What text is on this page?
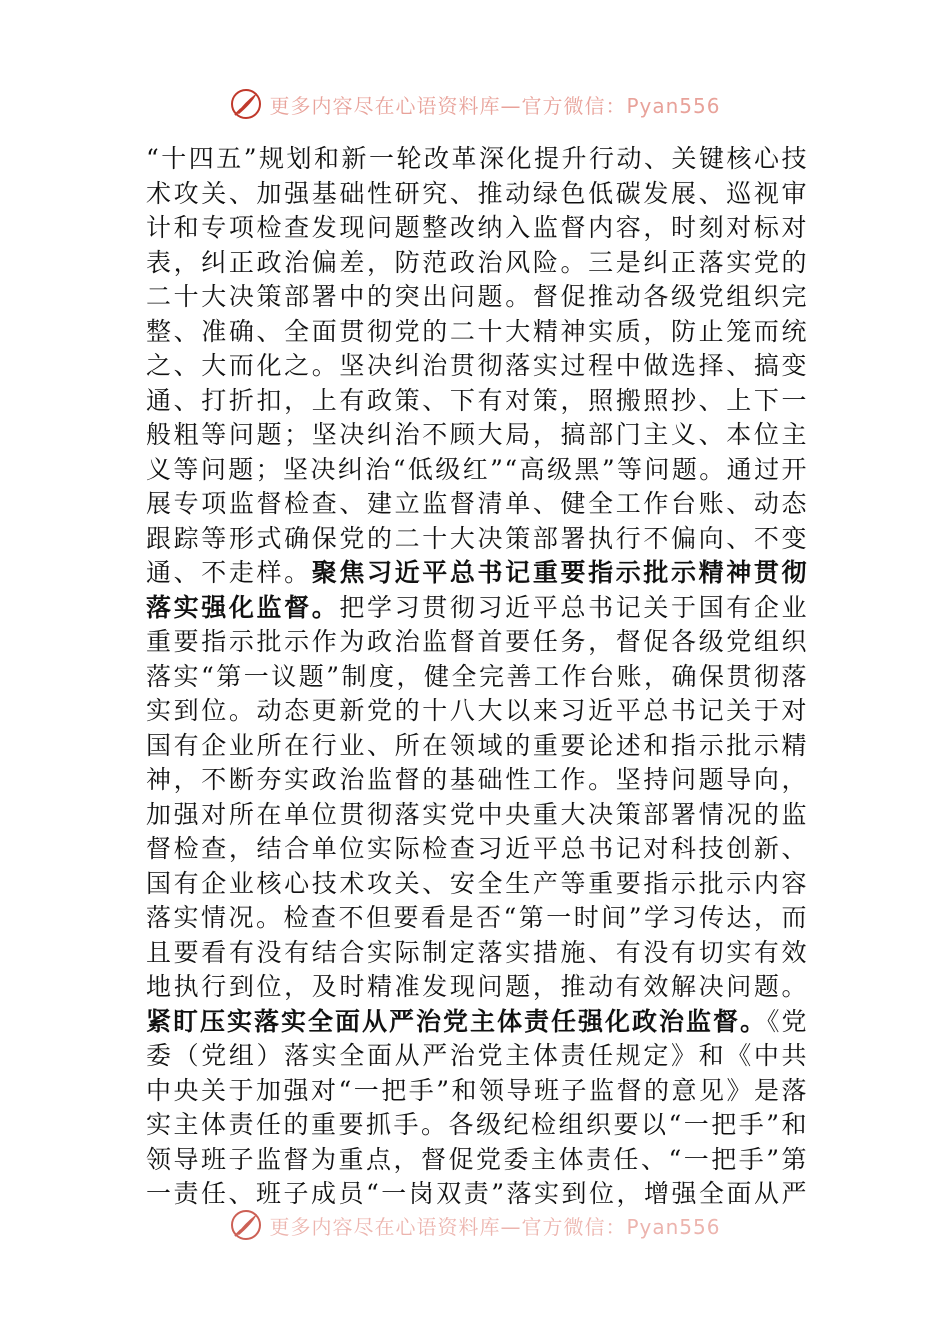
更多内容尽在心语资料库—官方微信：Pyan556
“十四五”规划和新一轮改革深化提升行动、关键核心技术攻关、加强基础性研究、推动绿色低碳发展、巡视审计和专项检查发现问题整改纳入监督内容，时刻对标对表，纠正政治偏差，防范政治风险。三是纠正落实党的二十大决策部署中的突出问题。督促推动各级党组织完整、准确、全面贯彻党的二十大精神实质，防止笼而统之、大而化之。坚决纠治贯彻落实过程中做选择、搞变通、打折扣，上有政策、下有对策，照搬照抄、上下一般粗等问题；坚决纠治不顾大局，搞部门主义、本位主义等问题；坚决纠治“低级红”“高级黑”等问题。通过开展专项监督检查、建立监督清单、健全工作台账、动态跟踪等形式确保党的二十大决策部署执行不偏向、不变通、不走样。聚焦习近平总书记重要指示批示精神贯彻落实强化监督。把学习贯彻习近平总书记关于国有企业重要指示批示作为政治监督首要任务，督促各级党组织落实“第一议题”制度，健全完善工作台账，确保贯彻落实到位。动态更新党的十八大以来习近平总书记关于对国有企业所在行业、所在领域的重要论述和指示批示精神，不断夯实政治监督的基础性工作。坚持问题导向，加强对所在单位贯彻落实党中央重大决策部署情况的监督检查，结合单位实际检查习近平总书记对科技创新、国有企业核心技术攻关、安全生产等重要指示批示内容落实情况。检查不但要看是否“第一时间”学习传达，而且要看有没有结合实际制定落实措施、有没有切实有效地执行到位，及时精准发现问题，推动有效解决问题。紧盯压实落实全面从严治党主体责任强化政治监督。《党委（党组）落实全面从严治党主体责任规定》和《中共中央关于加强对“一把手”和领导班子监督的意见》是落实主体责任的重要抓手。各级纪检组织要以“一把手”和领导班子监督为重点，督促党委主体责任、“一把手”第一责任、班子成员“一岗双责”落实到位，增强全面从严
更多内容尽在心语资料库—官方微信：Pyan556
